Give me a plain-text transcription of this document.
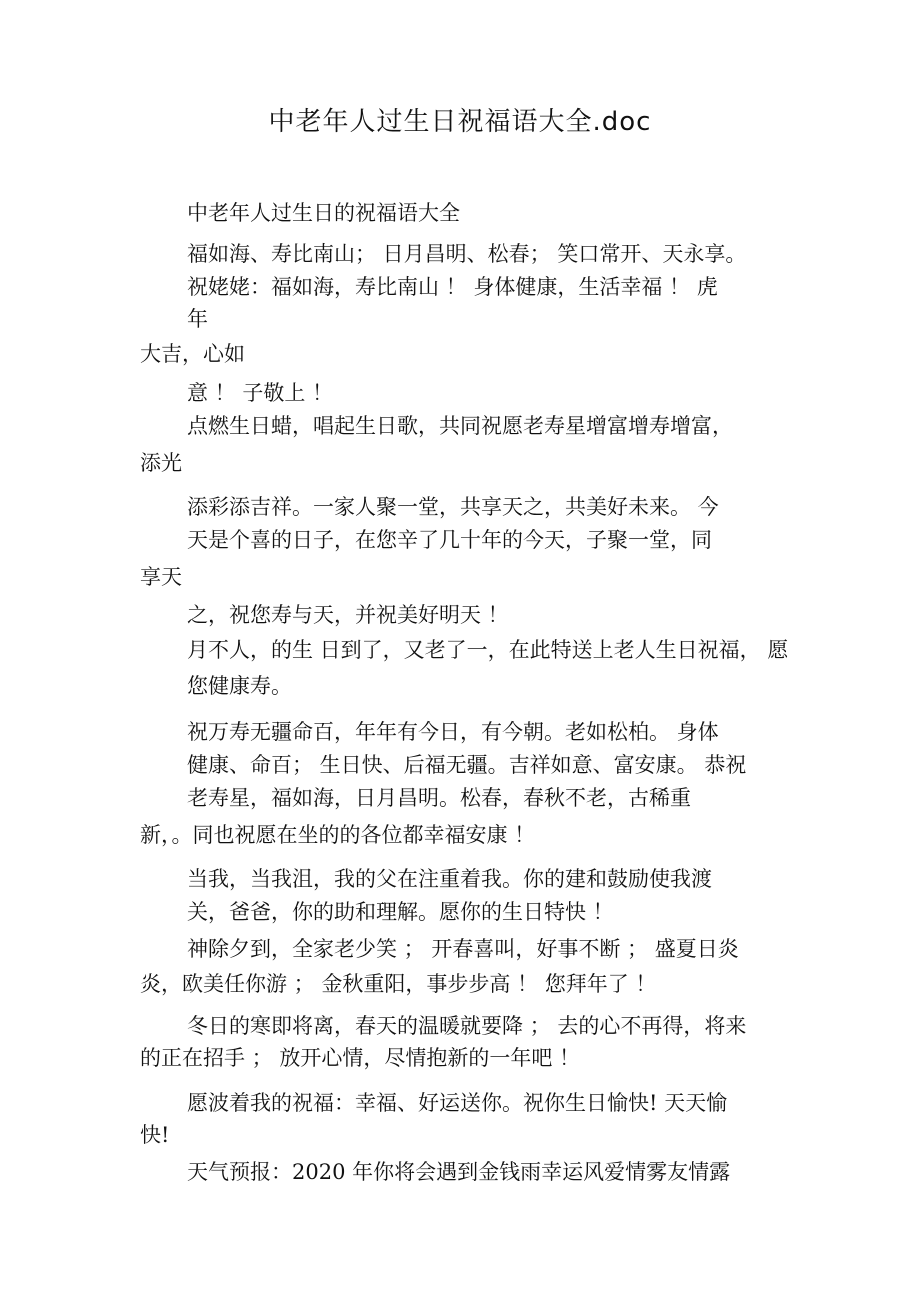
中老年人过生日祝福语大全.doc
中老年人过生日的祝福语大全
福如海、寿比南山； 日月昌明、松春； 笑口常开、天永享。
祝姥姥：福如海，寿比南山 ！ 身体健康，生活幸福 ！ 虎
年
大吉，心如
意 ！ 子敬上 ！
点燃生日蜡，唱起生日歌，共同祝愿老寿星增富增寿增富，
添光
添彩添吉祥。一家人聚一堂，共享天之，共美好未来。 今
天是个喜的日子，在您辛了几十年的今天，子聚一堂，同
享天
之，祝您寿与天，并祝美好明天 ！
月不人，的生 日到了，又老了一，在此特送上老人生日祝福， 愿
您健康寿。
祝万寿无疆命百，年年有今日，有今朝。老如松柏。 身体
健康、命百； 生日快、后福无疆。吉祥如意、富安康。 恭祝
老寿星，福如海，日月昌明。松春，春秋不老，古稀重
新，。同也祝愿在坐的的各位都幸福安康 ！
当我，当我沮，我的父在注重着我。你的建和鼓励使我渡
关，爸爸，你的助和理解。愿你的生日特快 ！
神除夕到，全家老少笑 ； 开春喜叫，好事不断 ； 盛夏日炎
炎，欧美任你游 ； 金秋重阳，事步步高 ！ 您拜年了 ！
冬日的寒即将离，春天的温暖就要降 ； 去的心不再得，将来
的正在招手 ； 放开心情，尽情抱新的一年吧 ！
愿波着我的祝福：幸福、好运送你。祝你生日愉快! 天天愉
快!
天气预报：2020 年你将会遇到金钱雨幸运风爱情雾友情露
